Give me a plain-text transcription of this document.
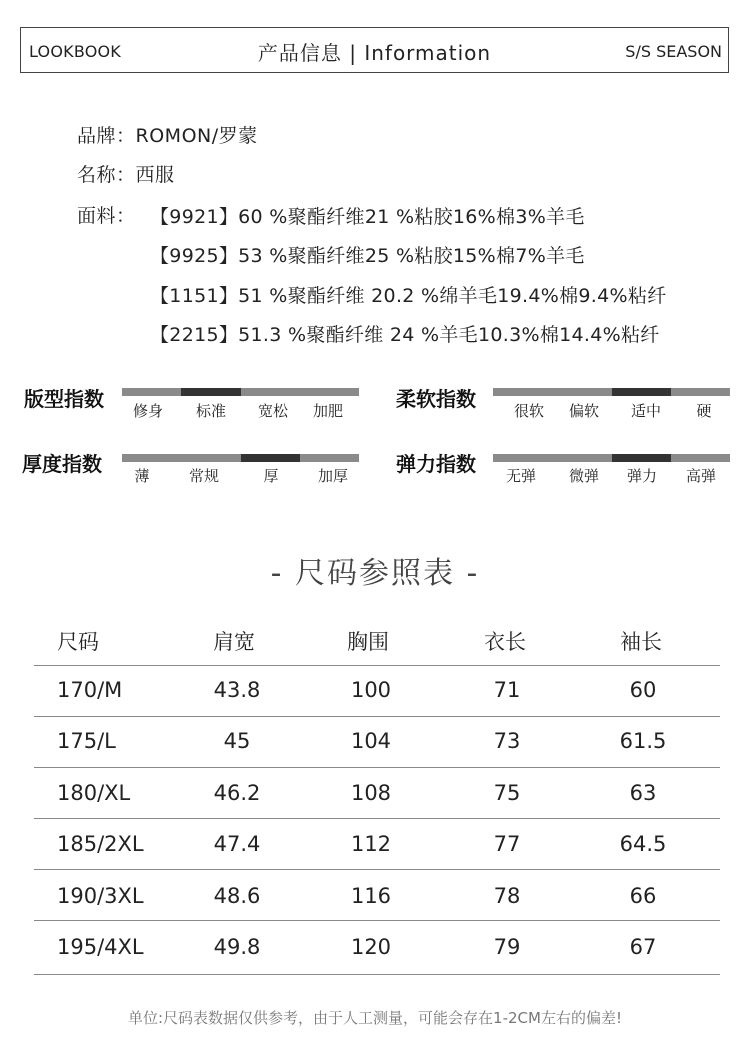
LOOKBOOK	产品信息 | Information	S/S SEASON
品牌：ROMON/罗蒙
名称：西服
面料： 【9921】60 %聚酯纤维21 %粘胶16%棉3%羊毛
【9925】53 %聚酯纤维25 %粘胶15%棉7%羊毛
【1151】51 %聚酯纤维 20.2 %绵羊毛19.4%棉9.4%粘纤
【2215】51.3 %聚酯纤维 24 %羊毛10.3%棉14.4%粘纤
版型指数	修身	标准	宽松	加肥	柔软指数	很软	偏软	适中	硬
厚度指数	薄	常规	厚	加厚	弹力指数	无弹	微弹	弹力	高弹
- 尺码参照表 -
尺码	肩宽	胸围	衣长	袖长
170/M	43.8	100	71	60
175/L	45	104	73	61.5
180/XL	46.2	108	75	63
185/2XL	47.4	112	77	64.5
190/3XL	48.6	116	78	66
195/4XL	49.8	120	79	67
单位:尺码表数据仅供参考，由于人工测量，可能会存在1-2CM左右的偏差!
